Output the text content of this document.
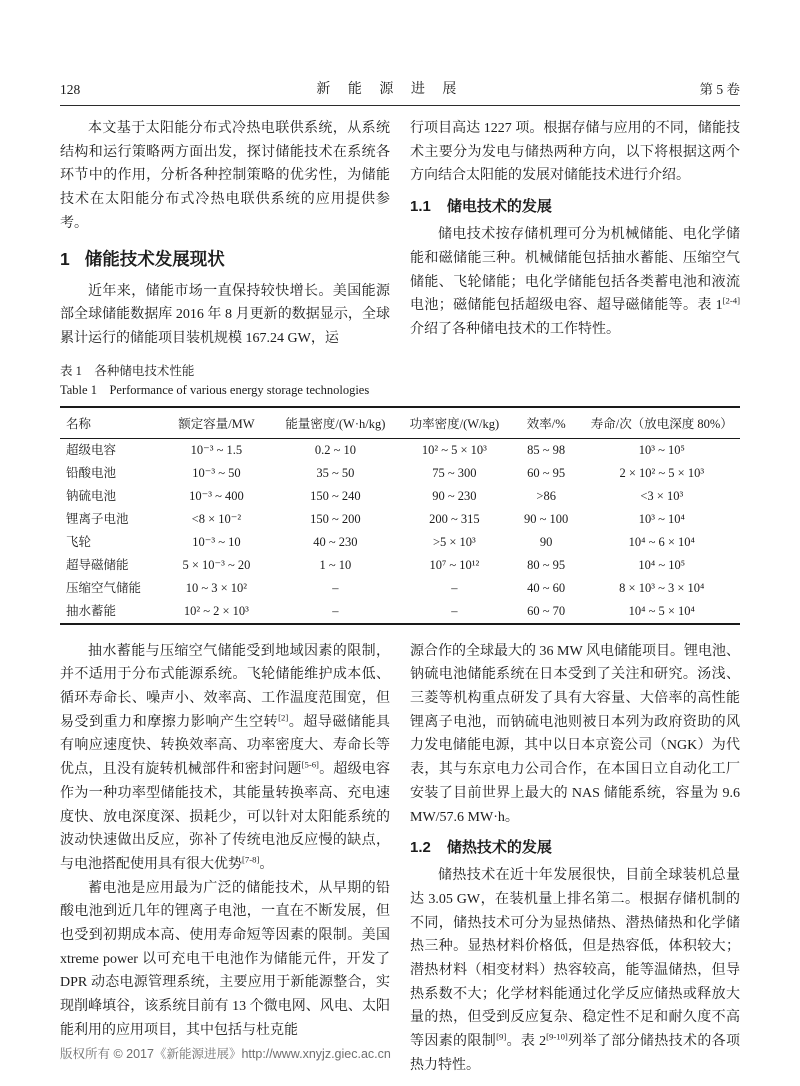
128	新 能 源 进 展	第 5 卷

本文基于太阳能分布式冷热电联供系统，从系统结构和运行策略两方面出发，探讨储能技术在系统各环节中的作用，分析各种控制策略的优劣性，为储能技术在太阳能分布式冷热电联供系统的应用提供参考。

1 储能技术发展现状

近年来，储能市场一直保持较快增长。美国能源部全球储能数据库 2016 年 8 月更新的数据显示，全球累计运行的储能项目装机规模 167.24 GW，运

行项目高达 1227 项。根据存储与应用的不同，储能技术主要分为发电与储热两种方向，以下将根据这两个方向结合太阳能的发展对储能技术进行介绍。

1.1 储电技术的发展

储电技术按存储机理可分为机械储能、电化学储能和磁储能三种。机械储能包括抽水蓄能、压缩空气储能、飞轮储能；电化学储能包括各类蓄电池和液流电池；磁储能包括超级电容、超导磁储能等。表 1[2-4]介绍了各种储电技术的工作特性。

表 1　各种储电技术性能
Table 1　Performance of various energy storage technologies
名称	额定容量/MW	能量密度/(W·h/kg)	功率密度/(W/kg)	效率/%	寿命/次（放电深度 80%）
超级电容	10⁻³ ~ 1.5	0.2 ~ 10	10² ~ 5 × 10³	85 ~ 98	10³ ~ 10⁵
铅酸电池	10⁻³ ~ 50	35 ~ 50	75 ~ 300	60 ~ 95	2 × 10² ~ 5 × 10³
钠硫电池	10⁻³ ~ 400	150 ~ 240	90 ~ 230	>86	<3 × 10³
锂离子电池	<8 × 10⁻²	150 ~ 200	200 ~ 315	90 ~ 100	10³ ~ 10⁴
飞轮	10⁻³ ~ 10	40 ~ 230	>5 × 10³	90	10⁴ ~ 6 × 10⁴
超导磁储能	5 × 10⁻³ ~ 20	1 ~ 10	10⁷ ~ 10¹²	80 ~ 95	10⁴ ~ 10⁵
压缩空气储能	10 ~ 3 × 10²	–	–	40 ~ 60	8 × 10³ ~ 3 × 10⁴
抽水蓄能	10² ~ 2 × 10³	–	–	60 ~ 70	10⁴ ~ 5 × 10⁴

抽水蓄能与压缩空气储能受到地域因素的限制，并不适用于分布式能源系统。飞轮储能维护成本低、循环寿命长、噪声小、效率高、工作温度范围宽，但易受到重力和摩擦力影响产生空转[2]。超导磁储能具有响应速度快、转换效率高、功率密度大、寿命长等优点，且没有旋转机械部件和密封问题[5-6]。超级电容作为一种功率型储能技术，其能量转换率高、充电速度快、放电深度深、损耗少，可以针对太阳能系统的波动快速做出反应，弥补了传统电池反应慢的缺点，与电池搭配使用具有很大优势[7-8]。

蓄电池是应用最为广泛的储能技术，从早期的铅酸电池到近几年的锂离子电池，一直在不断发展，但也受到初期成本高、使用寿命短等因素的限制。美国 xtreme power 以可充电干电池作为储能元件，开发了 DPR 动态电源管理系统，主要应用于新能源整合，实现削峰填谷，该系统目前有 13 个微电网、风电、太阳能利用的应用项目，其中包括与杜克能

源合作的全球最大的 36 MW 风电储能项目。锂电池、钠硫电池储能系统在日本受到了关注和研究。汤浅、三菱等机构重点研发了具有大容量、大倍率的高性能锂离子电池，而钠硫电池则被日本列为政府资助的风力发电储能电源，其中以日本京瓷公司（NGK）为代表，其与东京电力公司合作，在本国日立自动化工厂安装了目前世界上最大的 NAS 储能系统，容量为 9.6 MW/57.6 MW·h。

1.2 储热技术的发展

储热技术在近十年发展很快，目前全球装机总量达 3.05 GW，在装机量上排名第二。根据存储机制的不同，储热技术可分为显热储热、潜热储热和化学储热三种。显热材料价格低，但是热容低，体积较大；潜热材料（相变材料）热容较高，能等温储热，但导热系数不大；化学材料能通过化学反应储热或释放大量的热，但受到反应复杂、稳定性不足和耐久度不高等因素的限制[9]。表 2[9-10]列举了部分储热技术的各项热力特性。

版权所有 © 2017《新能源进展》http://www.xnyjz.giec.ac.cn
